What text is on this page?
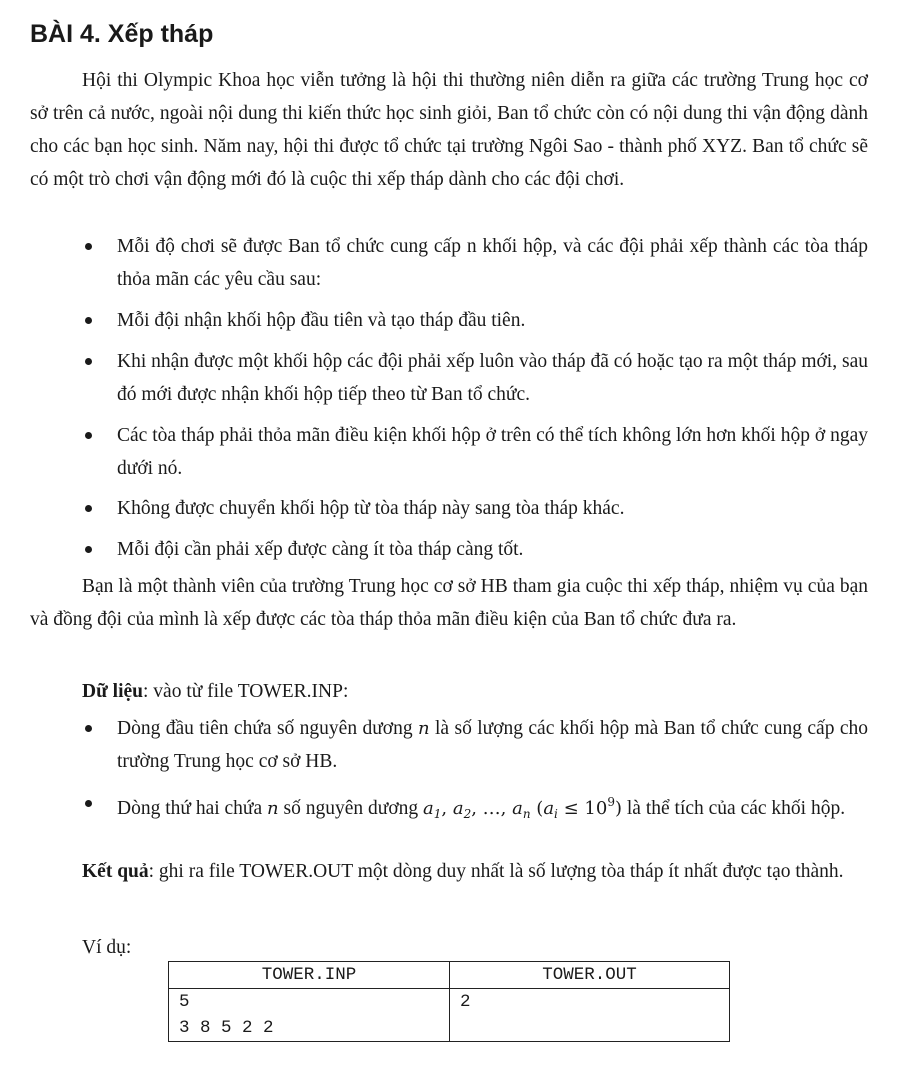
BÀI 4. Xếp tháp
Hội thi Olympic Khoa học viễn tưởng là hội thi thường niên diễn ra giữa các trường Trung học cơ sở trên cả nước, ngoài nội dung thi kiến thức học sinh giỏi, Ban tổ chức còn có nội dung thi vận động dành cho các bạn học sinh. Năm nay, hội thi được tổ chức tại trường Ngôi Sao - thành phố XYZ. Ban tổ chức sẽ có một trò chơi vận động mới đó là cuộc thi xếp tháp dành cho các đội chơi.
Mỗi độ chơi sẽ được Ban tổ chức cung cấp n khối hộp, và các đội phải xếp thành các tòa tháp thỏa mãn các yêu cầu sau:
Mỗi đội nhận khối hộp đầu tiên và tạo tháp đầu tiên.
Khi nhận được một khối hộp các đội phải xếp luôn vào tháp đã có hoặc tạo ra một tháp mới, sau đó mới được nhận khối hộp tiếp theo từ Ban tổ chức.
Các tòa tháp phải thỏa mãn điều kiện khối hộp ở trên có thể tích không lớn hơn khối hộp ở ngay dưới nó.
Không được chuyển khối hộp từ tòa tháp này sang tòa tháp khác.
Mỗi đội cần phải xếp được càng ít tòa tháp càng tốt.
Bạn là một thành viên của trường Trung học cơ sở HB tham gia cuộc thi xếp tháp, nhiệm vụ của bạn và đồng đội của mình là xếp được các tòa tháp thỏa mãn điều kiện của Ban tổ chức đưa ra.
Dữ liệu: vào từ file TOWER.INP:
Dòng đầu tiên chứa số nguyên dương n là số lượng các khối hộp mà Ban tổ chức cung cấp cho trường Trung học cơ sở HB.
Dòng thứ hai chứa n số nguyên dương $a_1$, $a_2$, …, $a_n$ $(a_i \le 10^9)$ là thể tích của các khối hộp.
Kết quả: ghi ra file TOWER.OUT một dòng duy nhất là số lượng tòa tháp ít nhất được tạo thành.
Ví dụ:
TOWER.INP	TOWER.OUT

5
3 8 5 2 2	2
